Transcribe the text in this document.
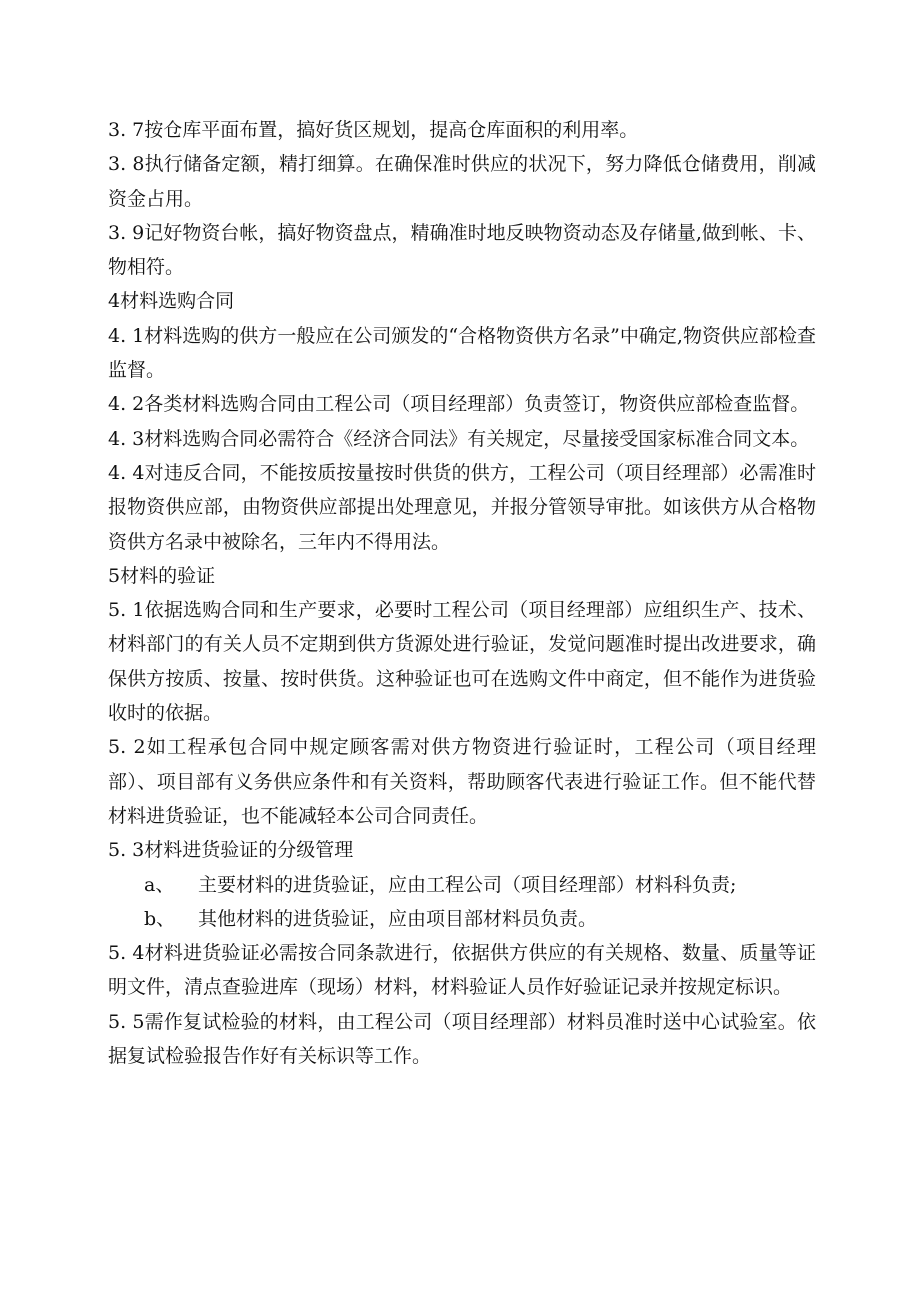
3. 7按仓库平面布置，搞好货区规划，提高仓库面积的利用率。

3. 8执行储备定额，精打细算。在确保准时供应的状况下，努力降低仓储费用，削减资金占用。

3. 9记好物资台帐，搞好物资盘点，精确准时地反映物资动态及存储量,做到帐、卡、物相符。

4材料选购合同

4. 1材料选购的供方一般应在公司颁发的“合格物资供方名录”中确定,物资供应部检查监督。

4. 2各类材料选购合同由工程公司（项目经理部）负责签订，物资供应部检查监督。

4. 3材料选购合同必需符合《经济合同法》有关规定，尽量接受国家标准合同文本。

4. 4对违反合同，不能按质按量按时供货的供方，工程公司（项目经理部）必需准时报物资供应部，由物资供应部提出处理意见，并报分管领导审批。如该供方从合格物资供方名录中被除名，三年内不得用法。

5材料的验证

5. 1依据选购合同和生产要求，必要时工程公司（项目经理部）应组织生产、技术、材料部门的有关人员不定期到供方货源处进行验证，发觉问题准时提出改进要求，确保供方按质、按量、按时供货。这种验证也可在选购文件中商定，但不能作为进货验收时的依据。

5. 2如工程承包合同中规定顾客需对供方物资进行验证时，工程公司（项目经理部）、项目部有义务供应条件和有关资料，帮助顾客代表进行验证工作。但不能代替材料进货验证，也不能减轻本公司合同责任。

5. 3材料进货验证的分级管理

a、 主要材料的进货验证，应由工程公司（项目经理部）材料科负责;

b、 其他材料的进货验证，应由项目部材料员负责。

5. 4材料进货验证必需按合同条款进行，依据供方供应的有关规格、数量、质量等证明文件，清点查验进库（现场）材料，材料验证人员作好验证记录并按规定标识。

5. 5需作复试检验的材料，由工程公司（项目经理部）材料员准时送中心试验室。依据复试检验报告作好有关标识等工作。
